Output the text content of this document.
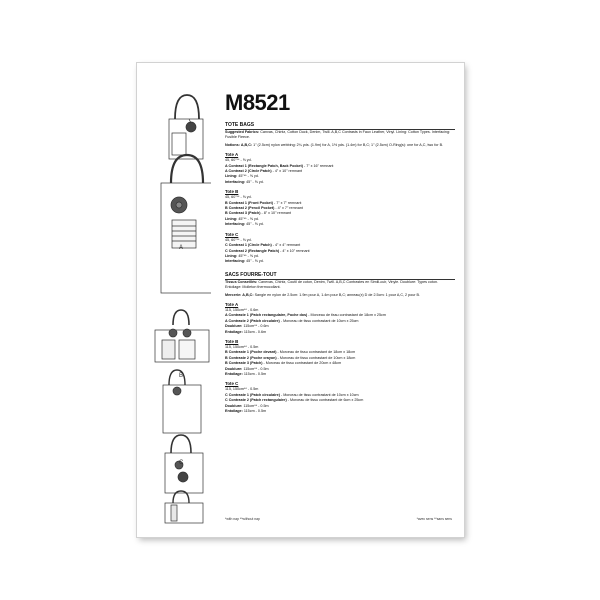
A
B
C
M8521
TOTE BAGS
Suggested Fabrics: Canvas, Chintz, Cotton Duck, Denim, Twill. A,B,C Contrasts in Faux Leather, Vinyl. Lining: Cotton Types. Interfacing: Fusible Fleece.
Notions: A,B,C: 1" (2.5cm) nylon webbing: 2¼ yds. (1.9m) for A, 1½ yds. (1.4m) for B,C; 1" (2.5cm) O-Ring(s): one for A,C, two for B.
Tote A
45, 60"** - ⅝ yd.
A Contrast 1 (Rectangle Patch, Back Pocket) - 7" x 16" remnant
A Contrast 2 (Circle Patch) - 4" x 10" remnant
Lining: 45"** - ⅝ yd.
Interfacing: 45" - ⅝ yd.
Tote B
45, 60"** - ⅝ yd.
B Contrast 1 (Front Pocket) - 7" x 7" remnant
B Contrast 2 (Pencil Pocket) - 4" x 7" remnant
B Contrast 3 (Patch) - 8" x 10" remnant
Lining: 45"** - ⅝ yd.
Interfacing: 45" - ⅝ yd.
Tote C
45, 60"** - ⅝ yd.
C Contrast 1 (Circle Patch) - 4" x 4" remnant
C Contrast 2 (Rectangle Patch) - 4" x 10" remnant
Lining: 45"** - ⅝ yd.
Interfacing: 45" - ⅝ yd.
SACS FOURRE-TOUT
Tissus Conseillés: Canevas, Chintz, Coutil de coton, Denim, Twill. A,B,C Contrastes en Simili-cuir, Vinyle. Doublure: Types coton. Entoilage: Molleton thermocollant.
Mercerie: A,B,C: Sangle en nylon de 2.5cm: 1.9m pour A, 1.4m pour B,C; anneau(x) D de 2.5cm: 1 pour A,C, 2 pour B.
Tote A
115, 150cm** - 0.6m
A Contraste 1 (Patch rectangulaire, Poche dos) - Morceau de tissu contrastant de 18cm x 25cm
A Contraste 2 (Patch circulaire) - Morceau de tissu contrastant de 10cm x 25cm
Doublure: 115cm** - 0.6m
Entoilage: 115cm - 0.6m
Tote B
115, 150cm** - 0.5m
B Contraste 1 (Poche devant) - Morceau de tissu contrastant de 18cm x 18cm
B Contraste 2 (Poche crayon) - Morceau de tissu contrastant de 10cm x 18cm
B Contraste 3 (Patch) - Morceau de tissu contrastant de 20cm x 48cm
Doublure: 115cm** - 0.5m
Entoilage: 115cm - 0.5m
Tote C
115, 150cm** - 0.5m
C Contraste 1 (Patch circulaire) - Morceau de tissu contrastant de 10cm x 10cm
C Contraste 2 (Patch rectangulaire) - Morceau de tissu contrastant de 6cm x 25cm
Doublure: 115cm** - 0.5m
Entoilage: 115cm - 0.5m
*with nap **without nap	*avec sens **sans sens
